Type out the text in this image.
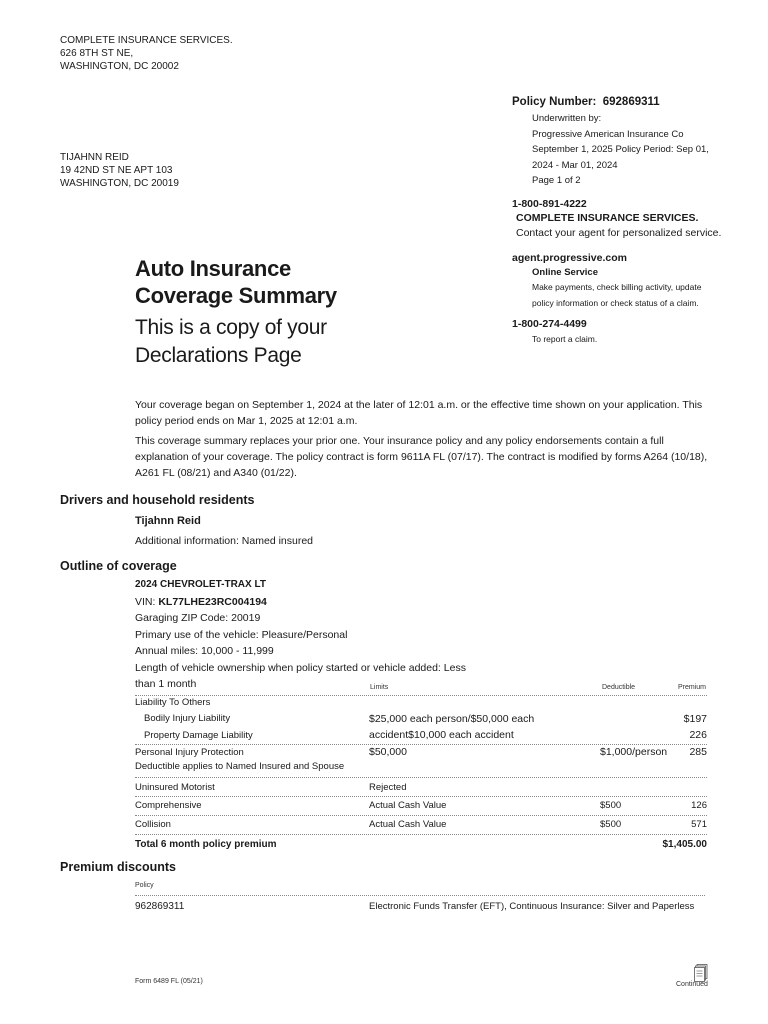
COMPLETE INSURANCE SERVICES.
626 8TH ST NE,
WASHINGTON, DC 20002
TIJAHNN REID
19 42ND ST NE APT 103
WASHINGTON, DC 20019
Policy Number: 692869311
Underwritten by:
Progressive American Insurance Co
September 1, 2025 Policy Period: Sep 01,
2024 - Mar 01, 2024
Page 1 of 2
1-800-891-4222
COMPLETE INSURANCE SERVICES.
Contact your agent for personalized service.
agent.progressive.com
Online Service
Make payments, check billing activity, update
policy information or check status of a claim.
1-800-274-4499
To report a claim.
Auto Insurance
Coverage Summary
This is a copy of your
Declarations Page
Your coverage began on September 1, 2024 at the later of 12:01 a.m. or the effective time shown on your application. This policy period ends on Mar 1, 2025 at 12:01 a.m.
This coverage summary replaces your prior one. Your insurance policy and any policy endorsements contain a full explanation of your coverage. The policy contract is form 9611A FL (07/17). The contract is modified by forms A264 (10/18), A261 FL (08/21) and A340 (01/22).
Drivers and household residents
Tijahnn Reid
Additional information: Named insured
Outline of coverage
2024 CHEVROLET-TRAX LT
VIN: KL77LHE23RC004194
Garaging ZIP Code: 20019
Primary use of the vehicle: Pleasure/Personal
Annual miles: 10,000 - 11,999
Length of vehicle ownership when policy started or vehicle added: Less
than 1 month	Limits	Deductible	Premium
Liability To Others
Bodily Injury Liability	$25,000 each person/$50,000 each	$197
Property Damage Liability	accident$10,000 each accident	226
Personal Injury Protection	$50,000	$1,000/person 285
Deductible applies to Named Insured and Spouse
Uninsured Motorist	Rejected
Comprehensive	Actual Cash Value	$500	126
Collision	Actual Cash Value	$500	571
Total 6 month policy premium	$1,405.00
Premium discounts
Policy
962869311	Electronic Funds Transfer (EFT), Continuous Insurance: Silver and Paperless
Form 6489 FL (05/21)	Continued
